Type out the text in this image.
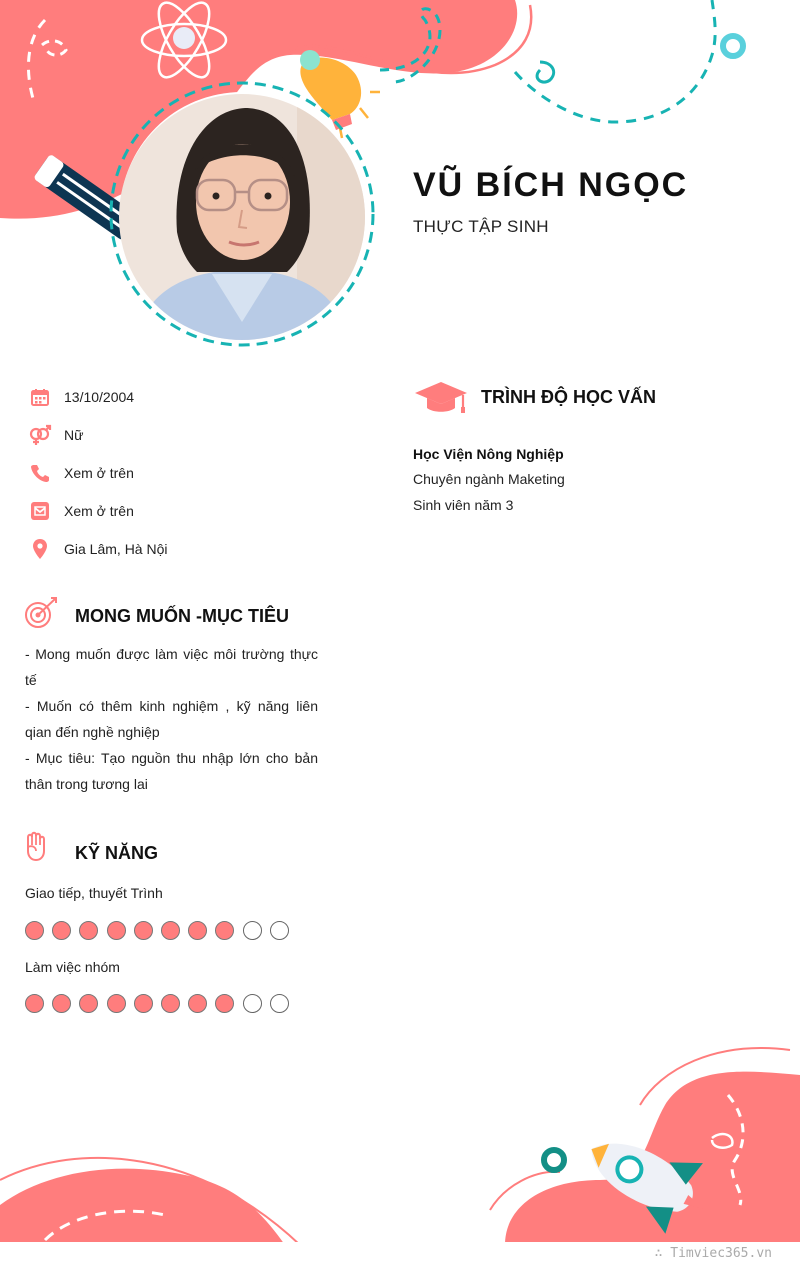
VŨ BÍCH NGỌC
THỰC TẬP SINH
13/10/2004
Nữ
Xem ở trên
Xem ở trên
Gia Lâm, Hà Nội
MONG MUỐN -MỤC TIÊU
- Mong muốn được làm việc môi trường thực tế
- Muốn có thêm kinh nghiệm , kỹ năng liên qian đến nghề nghiệp
- Mục tiêu: Tạo nguồn thu nhập lớn cho bản thân trong tương lai
KỸ NĂNG
Giao tiếp, thuyết Trình
Làm việc nhóm
TRÌNH ĐỘ HỌC VẤN
Học Viện Nông Nghiệp
Chuyên ngành Maketing
Sinh viên năm 3
∴ Timviec365.vn
